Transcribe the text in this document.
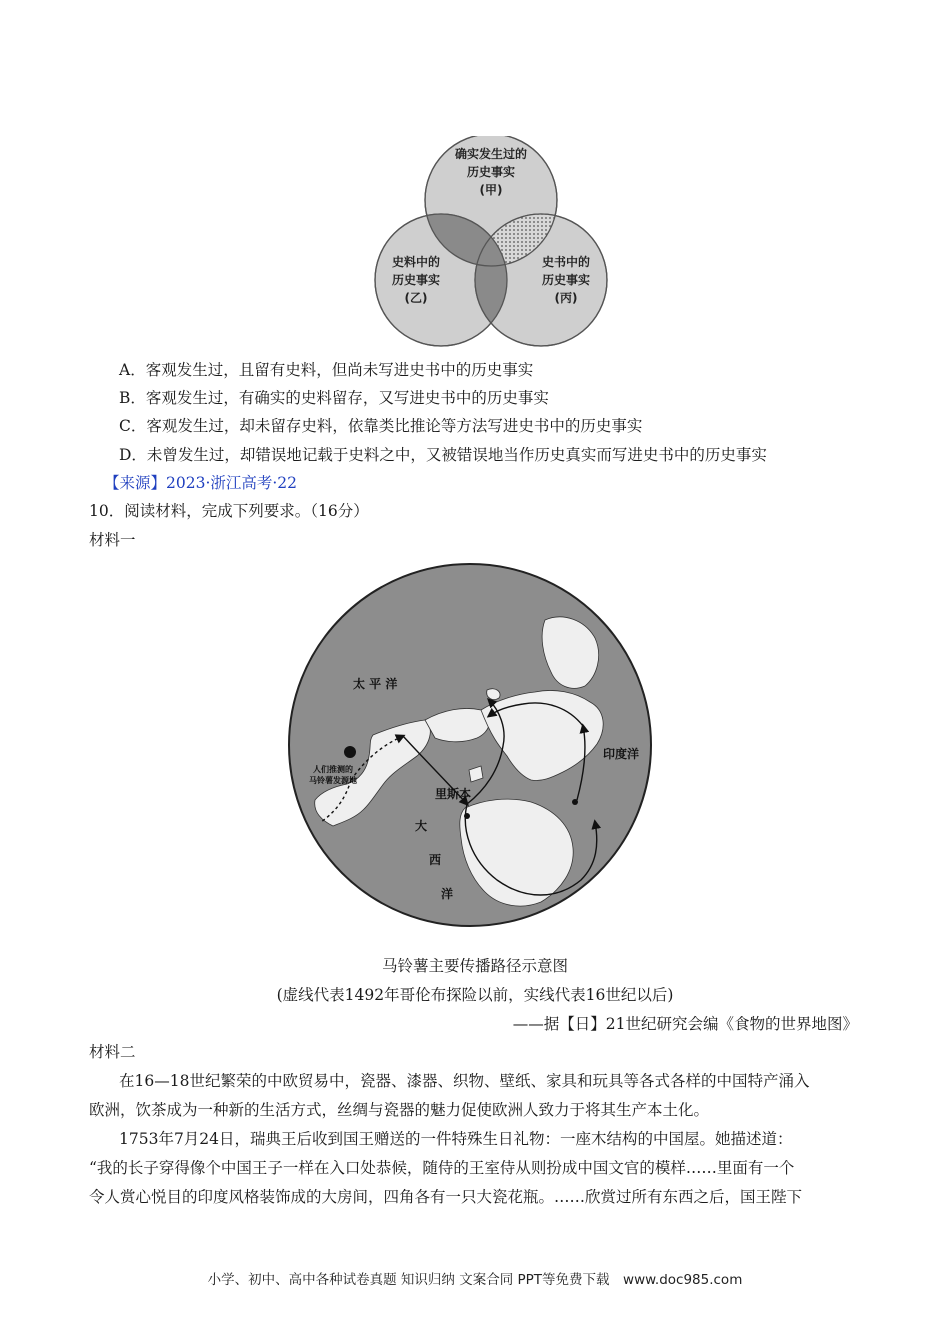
确实发生过的
历史事实
(甲)
史料中的
历史事实
(乙)
史书中的
历史事实
(丙)
A．客观发生过，且留有史料，但尚未写进史书中的历史事实
B．客观发生过，有确实的史料留存，又写进史书中的历史事实
C．客观发生过，却未留存史料，依靠类比推论等方法写进史书中的历史事实
D．未曾发生过，却错误地记载于史料之中，又被错误地当作历史真实而写进史书中的历史事实
【来源】2023·浙江高考·22
10．阅读材料，完成下列要求。（16分）
材料一
太 平 洋
印度洋
里斯本
大
西
洋
人们推测的
马铃薯发源地
马铃薯主要传播路径示意图
(虚线代表1492年哥伦布探险以前，实线代表16世纪以后)
——据【日】21世纪研究会编《食物的世界地图》
材料二
在16—18世纪繁荣的中欧贸易中，瓷器、漆器、织物、壁纸、家具和玩具等各式各样的中国特产涌入
欧洲，饮茶成为一种新的生活方式，丝绸与瓷器的魅力促使欧洲人致力于将其生产本土化。
1753年7月24日，瑞典王后收到国王赠送的一件特殊生日礼物：一座木结构的中国屋。她描述道：
“我的长子穿得像个中国王子一样在入口处恭候，随侍的王室侍从则扮成中国文官的模样……里面有一个
令人赏心悦目的印度风格装饰成的大房间，四角各有一只大瓷花瓶。……欣赏过所有东西之后，国王陛下
小学、初中、高中各种试卷真题 知识归纳 文案合同 PPT等免费下载　www.doc985.com
